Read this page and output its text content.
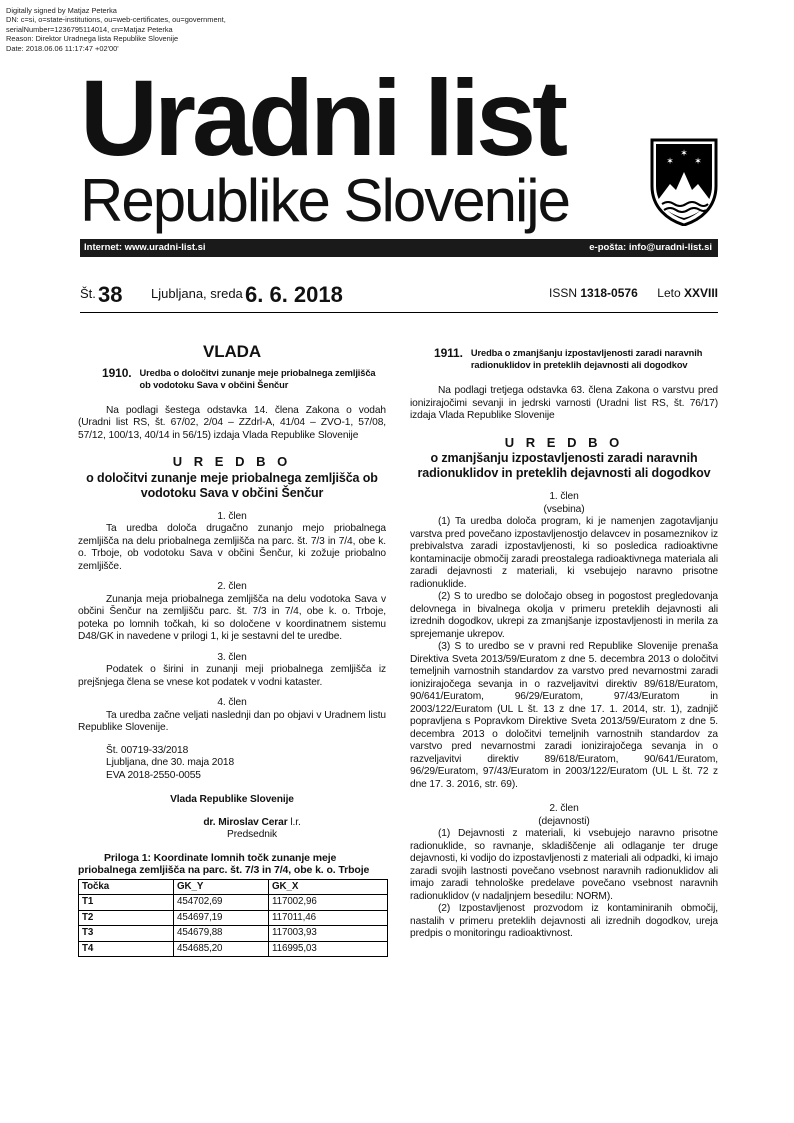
Digitally signed by Matjaz Peterka
DN: c=si, o=state-institutions, ou=web-certificates, ou=government,
serialNumber=1236795114014, cn=Matjaz Peterka
Reason: Direktor Uradnega lista Republike Slovenije
Date: 2018.06.06 11:17:47 +02'00'
Uradni list
Republike Slovenije
✶
✶ ✶
Internet: www.uradni-list.si	e-pošta: info@uradni-list.si
Št. 38 Ljubljana, sreda 6. 6. 2018	ISSN 1318-0576 Leto XXVIII
VLADA
1910. Uredba o določitvi zunanje meje priobalnega zemljišča ob vodotoku Sava v občini Šenčur

Na podlagi šestega odstavka 14. člena Zakona o vodah (Uradni list RS, št. 67/02, 2/04 – ZZdrl-A, 41/04 – ZVO-1, 57/08, 57/12, 100/13, 40/14 in 56/15) izdaja Vlada Republike Slovenije

U R E D B O
o določitvi zunanje meje priobalnega zemljišča ob vodotoku Sava v občini Šenčur
1. člen

Ta uredba določa drugačno zunanjo mejo priobalnega zemljišča na delu priobalnega zemljišča na parc. št. 7/3 in 7/4, obe k. o. Trboje, ob vodotoku Sava v občini Šenčur, ki zožuje priobalno zemljišče.

2. člen

Zunanja meja priobalnega zemljišča na delu vodotoka Sava v občini Šenčur na zemljišču parc. št. 7/3 in 7/4, obe k. o. Trboje, poteka po lomnih točkah, ki so določene v koordinatnem sistemu D48/GK in navedene v prilogi 1, ki je sestavni del te uredbe.

3. člen

Podatek o širini in zunanji meji priobalnega zemljišča iz prejšnjega člena se vnese kot podatek v vodni kataster.

4. člen

Ta uredba začne veljati naslednji dan po objavi v Uradnem listu Republike Slovenije.

Št. 00719-33/2018
Ljubljana, dne 30. maja 2018
EVA 2018-2550-0055
Vlada Republike Slovenije
dr. Miroslav Cerar l.r.
Predsednik
Priloga 1: Koordinate lomnih točk zunanje meje priobalnega zemljišča na parc. št. 7/3 in 7/4, obe k. o. Trboje
Točka	GK_Y	GK_X
T1	454702,69	117002,96
T2	454697,19	117011,46
T3	454679,88	117003,93
T4	454685,20	116995,03
1911. Uredba o zmanjšanju izpostavljenosti zaradi naravnih radionuklidov in preteklih dejavnosti ali dogodkov

Na podlagi tretjega odstavka 63. člena Zakona o varstvu pred ionizirajočimi sevanji in jedrski varnosti (Uradni list RS, št. 76/17) izdaja Vlada Republike Slovenije

U R E D B O
o zmanjšanju izpostavljenosti zaradi naravnih radionuklidov in preteklih dejavnosti ali dogodkov
1. člen
(vsebina)

(1) Ta uredba določa program, ki je namenjen zagotavljanju varstva pred povečano izpostavljenostjo delavcev in posameznikov iz prebivalstva zaradi izpostavljenosti, ki so posledica radioaktivne kontaminacije območij zaradi preostalega radioaktivnega materiala ali zaradi dejavnosti z materiali, ki vsebujejo naravno prisotne radionuklide.

(2) S to uredbo se določajo obseg in pogostost pregledovanja delovnega in bivalnega okolja v primeru preteklih dejavnosti ali izrednih dogodkov, ukrepi za zmanjšanje izpostavljenosti in merila za sprejemanje ukrepov.

(3) S to uredbo se v pravni red Republike Slovenije prenaša Direktiva Sveta 2013/59/Euratom z dne 5. decembra 2013 o določitvi temeljnih varnostnih standardov za varstvo pred nevarnostmi zaradi ionizirajočega sevanja in o razveljavitvi direktiv 89/618/Euratom, 90/641/Euratom, 96/29/Euratom, 97/43/Euratom in 2003/122/Euratom (UL L št. 13 z dne 17. 1. 2014, str. 1), zadnjič popravljena s Popravkom Direktive Sveta 2013/59/Euratom z dne 5. decembra 2013 o določitvi temeljnih varnostnih standardov za varstvo pred nevarnostmi zaradi ionizirajočega sevanja in o razveljavitvi direktiv 89/618/Euratom, 90/641/Euratom, 96/29/Euratom, 97/43/Euratom in 2003/122/Euratom (UL L št. 72 z dne 17. 3. 2016, str. 69).

2. člen
(dejavnosti)

(1) Dejavnosti z materiali, ki vsebujejo naravno prisotne radionuklide, so ravnanje, skladiščenje ali odlaganje ter druge dejavnosti, ki vodijo do izpostavljenosti z materiali ali odpadki, ki imajo zaradi svojih lastnosti povečano vsebnost naravnih radionuklidov ali imajo zaradi tehnološke predelave povečano vsebnost naravnih radionuklidov (v nadaljnjem besedilu: NORM).

(2) Izpostavljenost prozvodom iz kontaminiranih območij, nastalih v primeru preteklih dejavnosti ali izrednih dogodkov, ureja predpis o monitoringu radioaktivnost.
